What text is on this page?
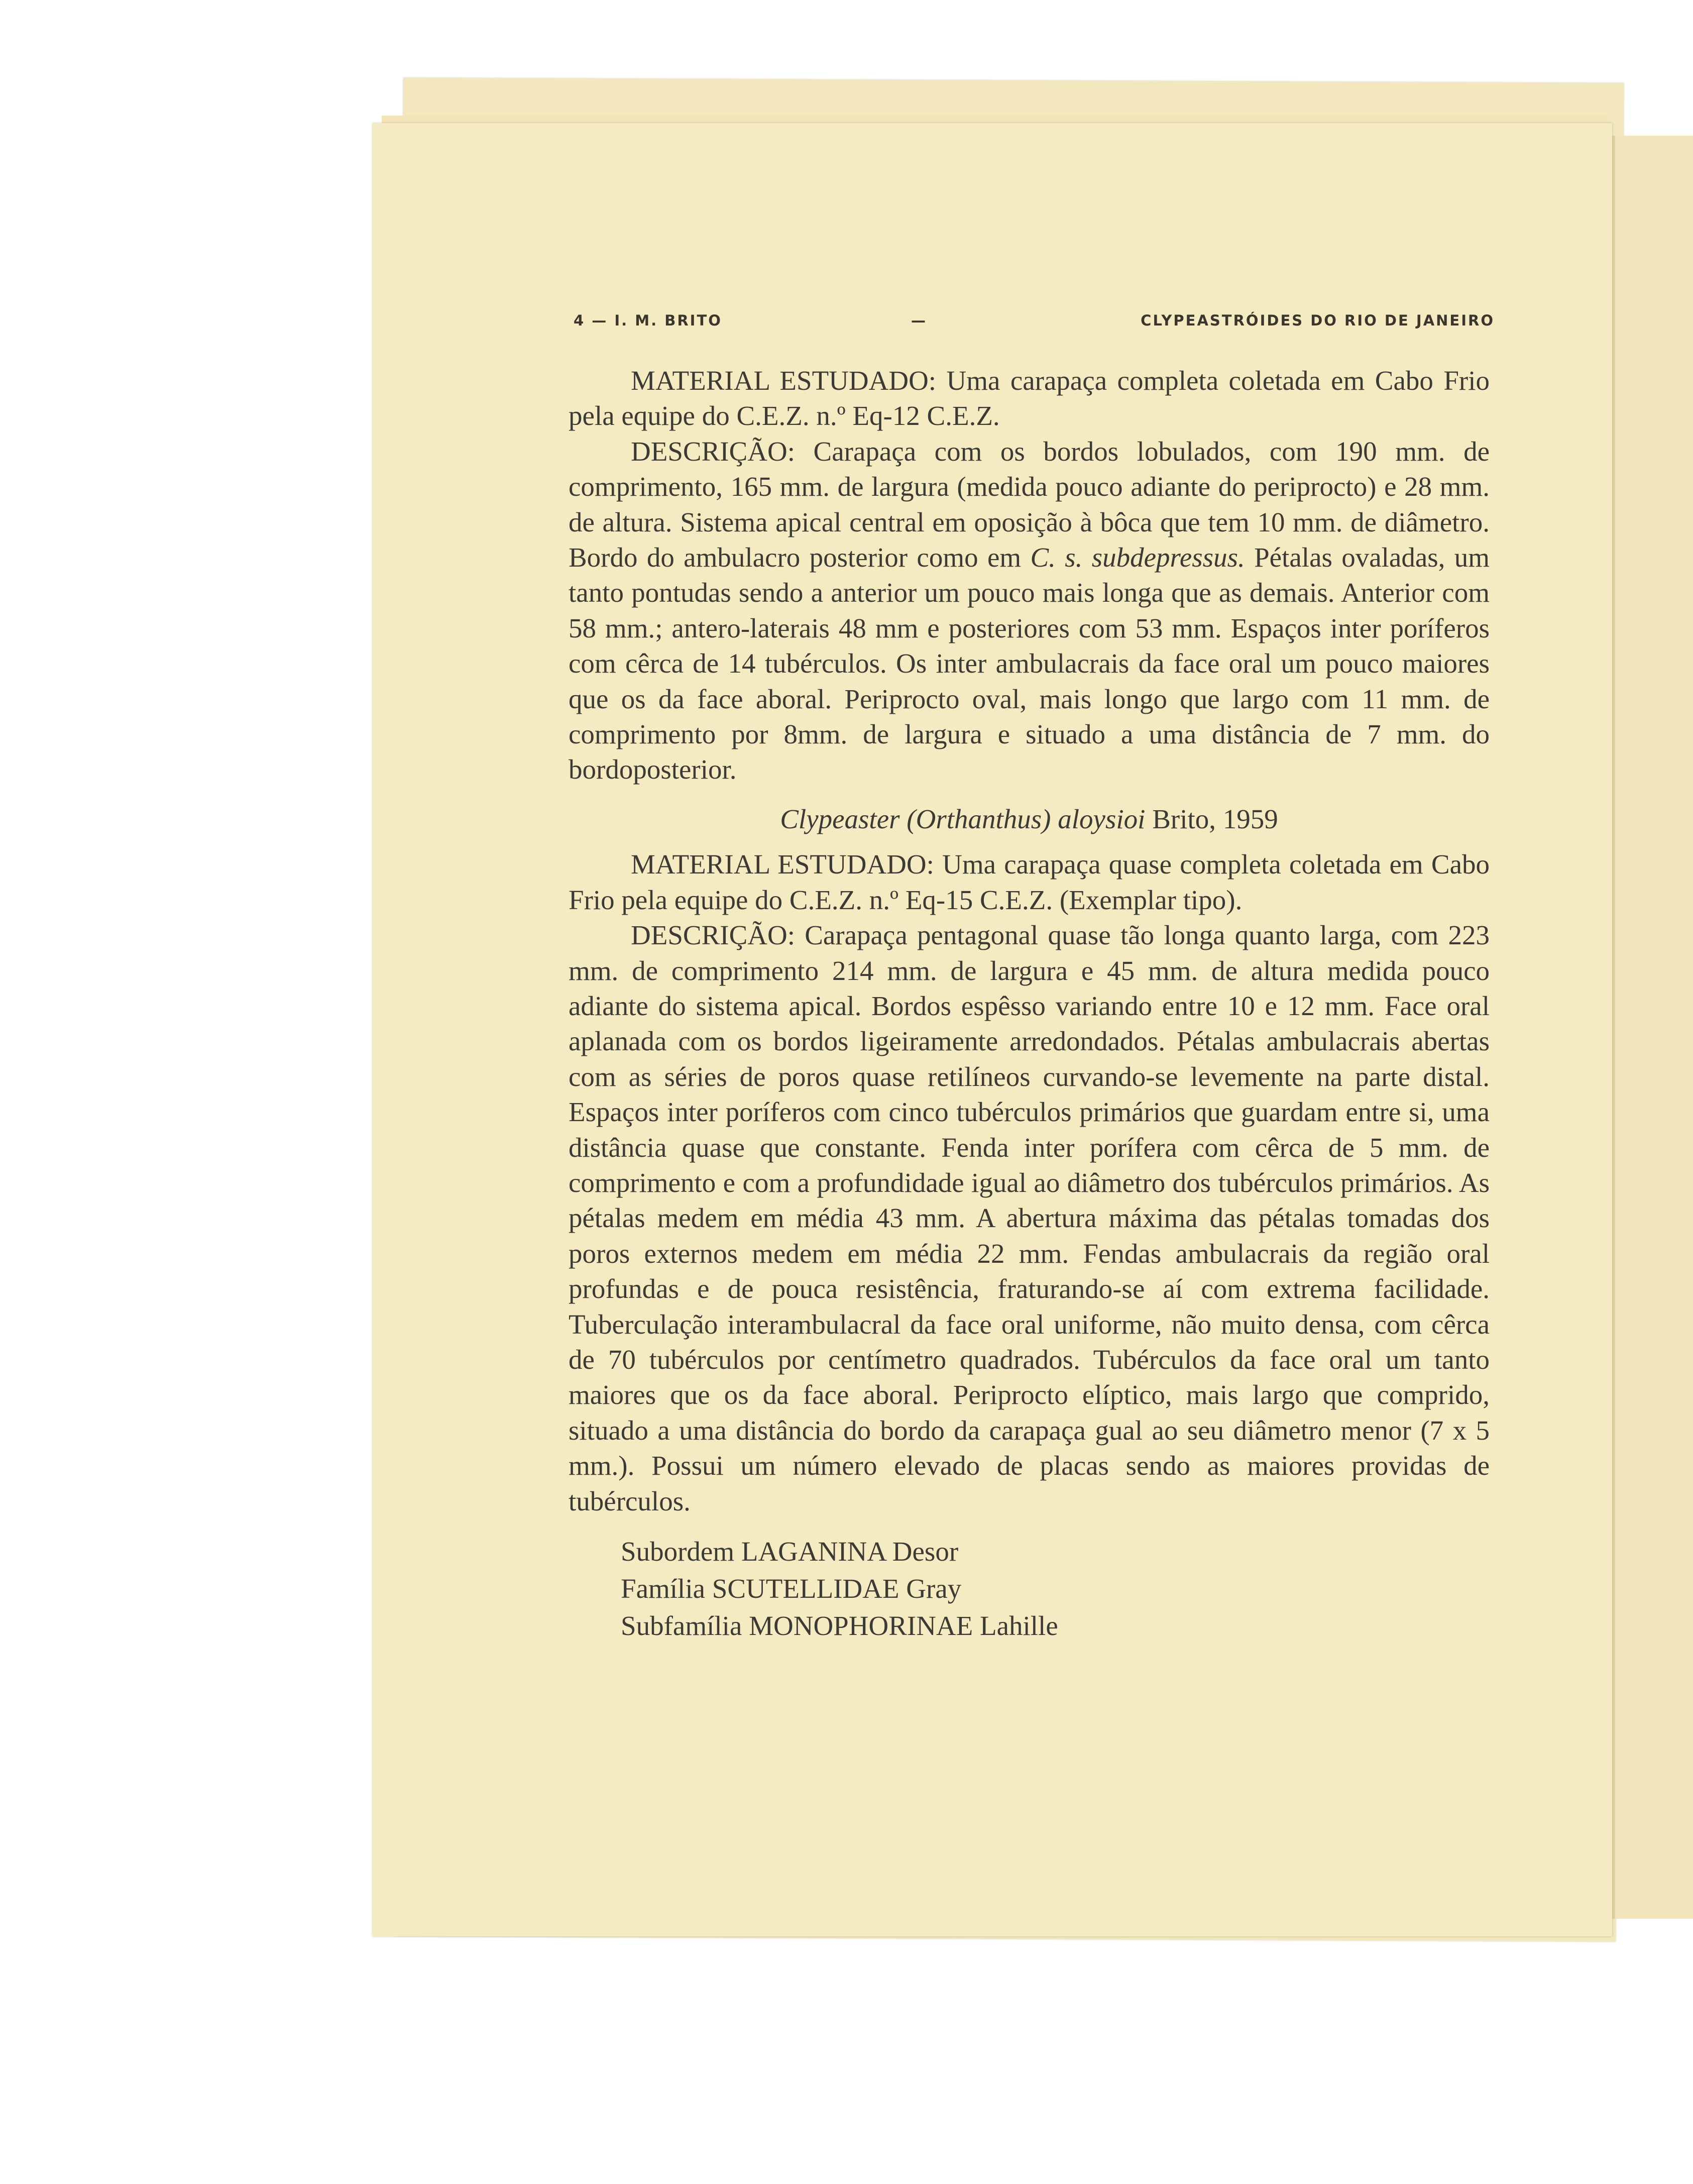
4 — I. M. BRITO	—	CLYPEASTRÓIDES DO RIO DE JANEIRO

MATERIAL ESTUDADO: Uma carapaça completa coletada em Cabo Frio pela equipe do C.E.Z. n.º Eq-12 C.E.Z.

DESCRIÇÃO: Carapaça com os bordos lobulados, com 190 mm. de comprimento, 165 mm. de largura (medida pouco adiante do periprocto) e 28 mm. de altura. Sistema apical central em oposição à bôca que tem 10 mm. de diâmetro. Bordo do ambulacro posterior como em C. s. subdepressus. Pétalas ovaladas, um tanto pontudas sendo a anterior um pouco mais longa que as demais. Anterior com 58 mm.; antero-laterais 48 mm e posteriores com 53 mm. Espaços inter poríferos com cêrca de 14 tubérculos. Os inter ambulacrais da face oral um pouco maiores que os da face aboral. Periprocto oval, mais longo que largo com 11 mm. de comprimento por 8mm. de largura e situado a uma distância de 7 mm. do bordoposterior.

Clypeaster (Orthanthus) aloysioi Brito, 1959

MATERIAL ESTUDADO: Uma carapaça quase completa coletada em Cabo Frio pela equipe do C.E.Z. n.º Eq-15 C.E.Z. (Exemplar tipo).

DESCRIÇÃO: Carapaça pentagonal quase tão longa quanto larga, com 223 mm. de comprimento 214 mm. de largura e 45 mm. de altura medida pouco adiante do sistema apical. Bordos espêsso variando entre 10 e 12 mm. Face oral aplanada com os bordos ligeiramente arredondados. Pétalas ambulacrais abertas com as séries de poros quase retilíneos curvando-se levemente na parte distal. Espaços inter poríferos com cinco tubérculos primários que guardam entre si, uma distância quase que constante. Fenda inter porífera com cêrca de 5 mm. de comprimento e com a profundidade igual ao diâmetro dos tubérculos primários. As pétalas medem em média 43 mm. A abertura máxima das pétalas tomadas dos poros externos medem em média 22 mm. Fendas ambulacrais da região oral profundas e de pouca resistência, fraturando-se aí com extrema facilidade. Tuberculação interambulacral da face oral uniforme, não muito densa, com cêrca de 70 tubérculos por centímetro quadrados. Tubérculos da face oral um tanto maiores que os da face aboral. Periprocto elíptico, mais largo que comprido, situado a uma distância do bordo da carapaça gual ao seu diâmetro menor (7 x 5 mm.). Possui um número elevado de placas sendo as maiores providas de tubérculos.

Subordem LAGANINA Desor
Família SCUTELLIDAE Gray
Subfamília MONOPHORINAE Lahille
